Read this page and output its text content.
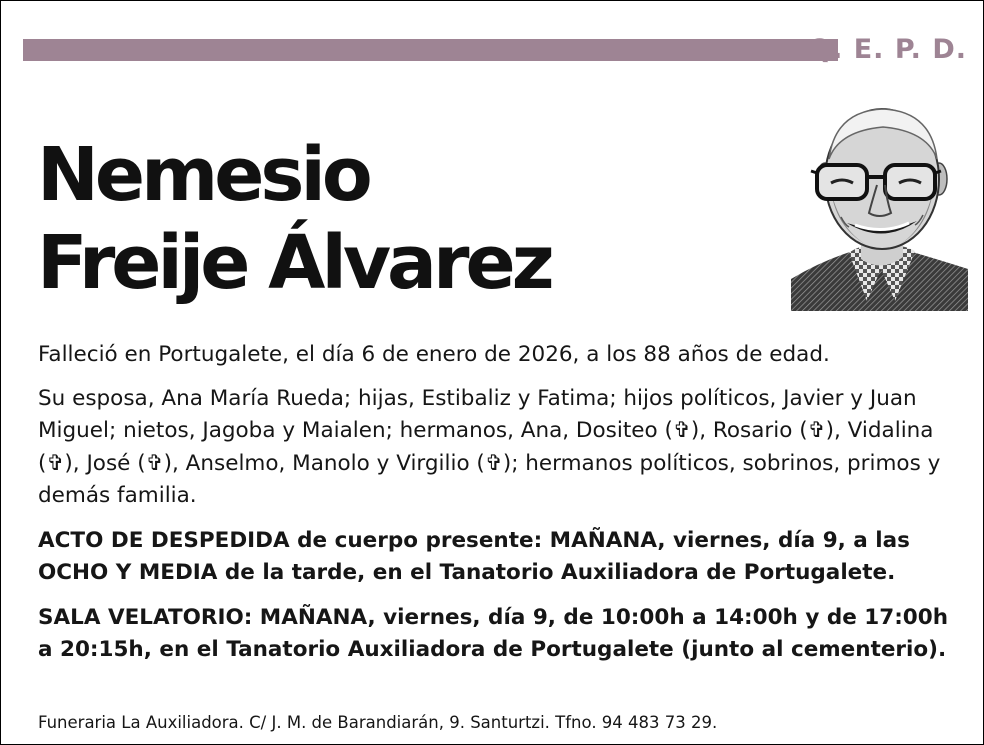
Q. E. P. D.
Nemesio
Freije Álvarez

Falleció en Portugalete, el día 6 de enero de 2026, a los 88 años de edad.

Su esposa, Ana María Rueda; hijas, Estibaliz y Fatima; hijos políticos, Javier y Juan Miguel; nietos, Jagoba y Maialen; hermanos, Ana, Dositeo (✞), Rosario (✞), Vidalina (✞), José (✞), Anselmo, Manolo y Virgilio (✞); hermanos políticos, sobrinos, primos y demás familia.

ACTO DE DESPEDIDA de cuerpo presente: MAÑANA, viernes, día 9, a las OCHO Y MEDIA de la tarde, en el Tanatorio Auxiliadora de Portugalete.

SALA VELATORIO: MAÑANA, viernes, día 9, de 10:00h a 14:00h y de 17:00h a 20:15h, en el Tanatorio Auxiliadora de Portugalete (junto al cementerio).

Funeraria La Auxiliadora. C/ J. M. de Barandiarán, 9. Santurtzi. Tfno. 94 483 73 29.
